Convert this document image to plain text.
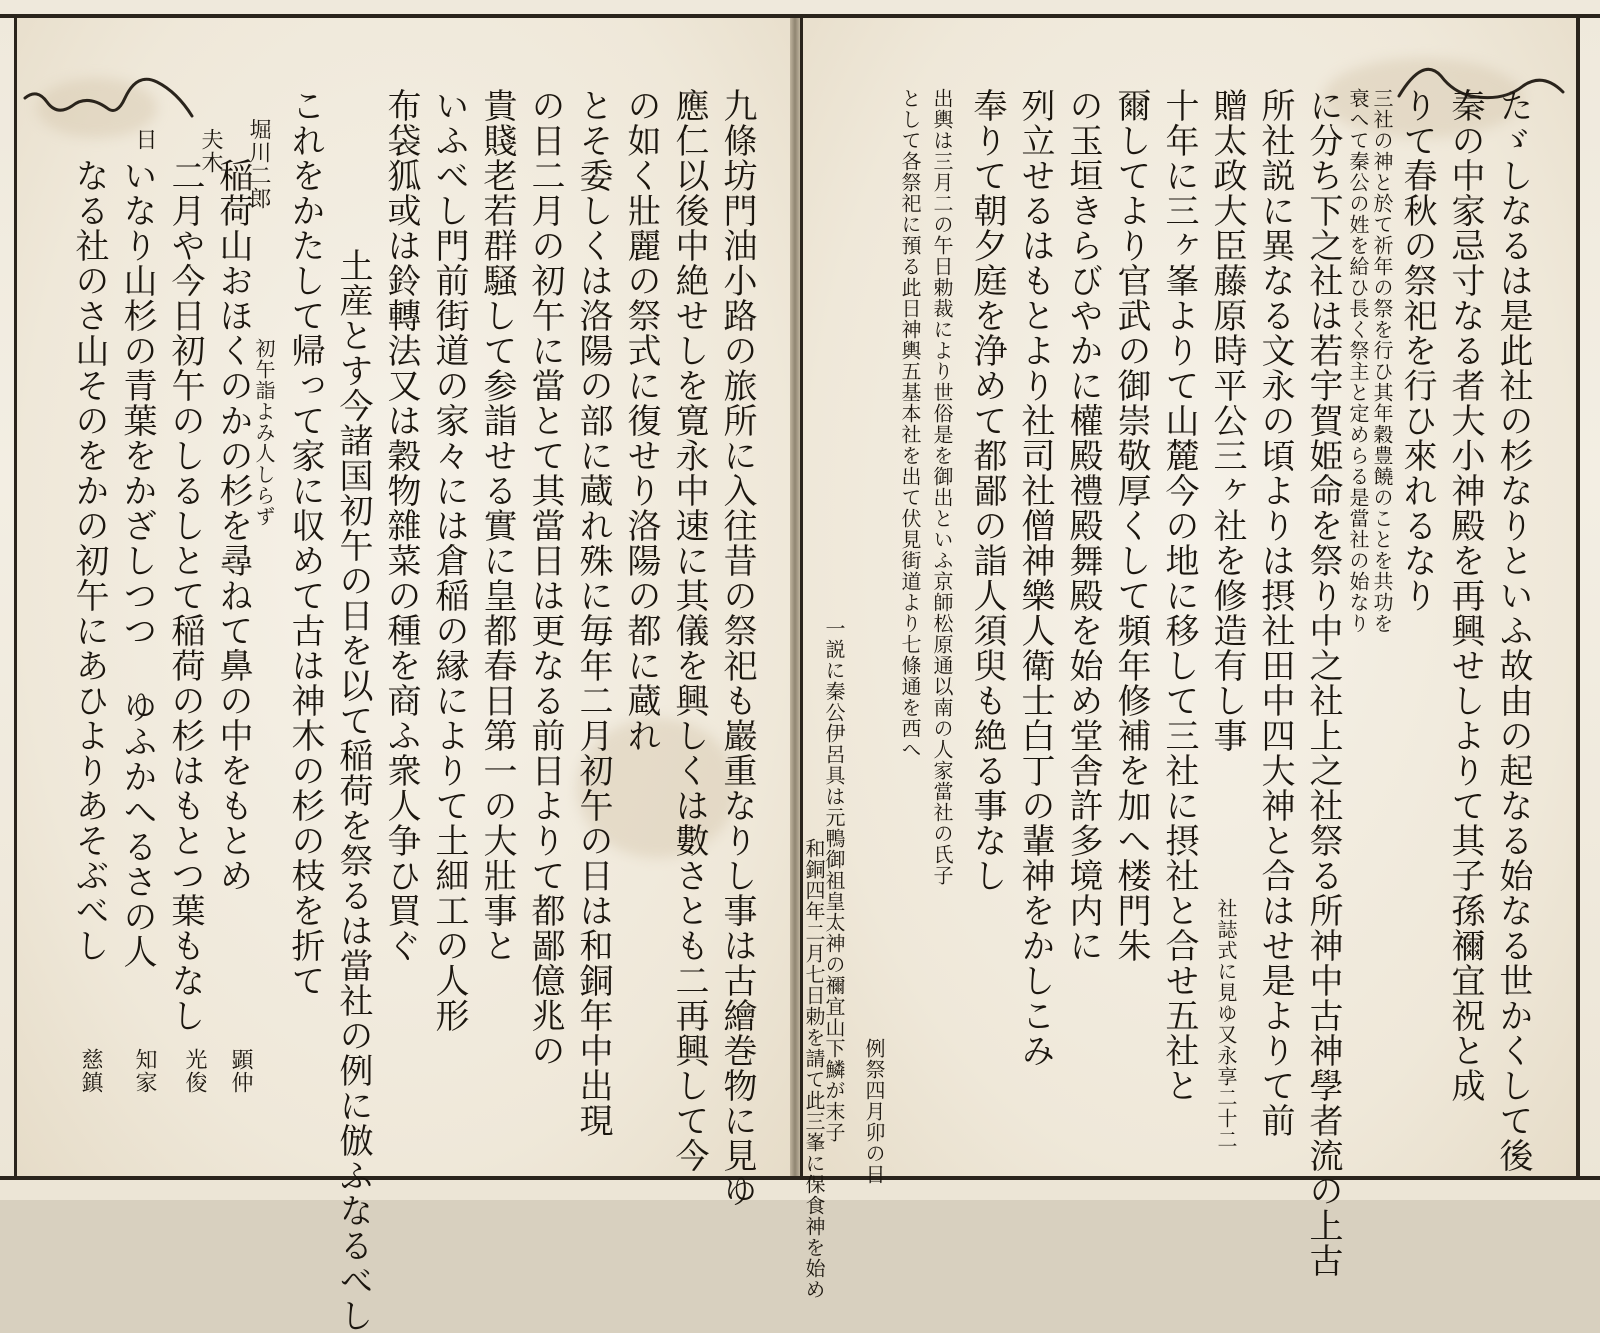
九條坊門油小路の旅所に入往昔の祭祀も巖重なりし事は古繪巻物に見ゆ
應仁以後中絶せしを寛永中速に其儀を興しくは數さとも二再興して今
の如く壯麗の祭式に復せり洛陽の都に蔵れ
とそ委しくは洛陽の部に蔵れ殊に毎年二月初午の日は和銅年中出現
の日二月の初午に當とて其當日は更なる前日よりて都鄙億兆の
貴賤老若群騒して参詣せる實に皇都春日第一の大壯事と
いふべし門前街道の家々には倉稲の縁によりて土細工の人形
布袋狐或は鈴轉法又は穀物雜菜の種を商ふ衆人争ひ買ぐ
土産とす今諸国初午の日を以て稲荷を祭るは當社の例に倣ふなるべし
これをかたして帰って家に収めて古は神木の杉の枝を折て
初午詣よみ人しらず
稲荷山おほくのかの杉を尋ねて鼻の中をもとめ
二月や今日初午のしるしとて稲荷の杉はもとつ葉もなし
いなり山杉の青葉をかざしつつ ゆふかへるさの人
なる社のさ山そのをかの初午にあひよりあそぶべし	堀川二郎
夫木
日
顕仲
光俊
知家
慈鎮	たゞしなるは是此社の杉なりといふ故由の起なる始なる世かくして後
秦の中家忌寸なる者大小神殿を再興せしよりて其子孫禰宜祝と成
りて春秋の祭祀を行ひ來れるなり
三社の神と於て祈年の祭を行ひ其年穀豊饒のことを共功を
衰へて秦公の姓を給ひ長く祭主と定めらる是當社の始なり
に分ち下之社は若宇賀姫命を祭り中之社上之社祭る所神中古神學者流の上古
所社説に異なる文永の頃よりは摂社田中四大神と合はせ是よりて前
贈太政大臣藤原時平公三ヶ社を修造有し事
十年に三ヶ峯よりて山麓今の地に移して三社に摂社と合せ五社と
爾してより官武の御崇敬厚くして頻年修補を加へ楼門朱
の玉垣きらびやかに權殿禮殿舞殿を始め堂舎許多境内に
列立せるはもとより社司社僧神樂人衛士白丁の輩神をかしこみ
奉りて朝夕庭を浄めて都鄙の詣人須臾も絶る事なし
出輿は三月二の午日勅裁により世俗是を御出といふ京師松原通以南の人家當社の氏子
として各祭祀に預る此日神輿五基本社を出て伏見街道より七條通を西へ
社誌式に見ゆ又永享二十二
例祭四月卯の日
一説に秦公伊呂具は元鴨御祖皇太神の禰宜山下鱗が末子
和銅四年二月七日勅を請て此三峯に保食神を始め
